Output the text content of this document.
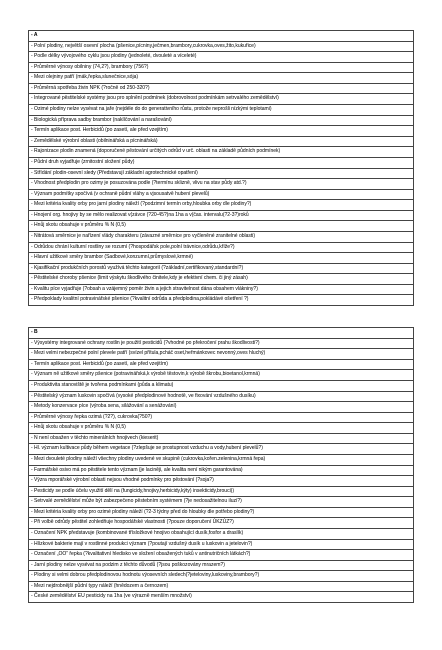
- A
- Polní plodiny, největší osevní plocha (pšenice,pícniny,ječmen,brambory,cukrovka,oves,žito,kukuřice)
- Podle délky vývojového cyklu jsou plodiny (jednoleté, dvouleté a víceleté)
- Průměrné výnosy obilniny (74,2?), brambory (756?)
- Mezi olejniny patří (mák,řepka,slunečnice,sója)
- Průměrná spotřeba živin NPK (?ročně od 250-320?)
- Integrované pěstitelské systémy jsou pro splnění podmínek (dobrovolnost podmínkám setrvalého zemědělství)
- Ozimé plodiny nelze vysévat na jaře (nejdéle do do generativního růstu, protože neprošli nízkými teplotami)
- Biologická příprava sadby brambor (naklíčování a narašování)
- Termín aplikace post. Herbicidů (po zasetí, ale před vzejitím)
- Zemědělské výrobní oblasti (obilninářská a pícninářská)
- Rajonizace plodin znamená (doporučené pěstování určitých odrůd v urč. oblasti na základě půdních podmínek)
- Půdní druh vyjadřuje (zrnitostní složení půdy)
- Střídání plodin-osevní sledy (Představují základní agrotechnické opatření)
- Vhodnost předplodin pro ozimy je posuzována podle (?termínu sklizně, vlivu na stav půdy atd.?)
- Význam podmítky spočívá (v ochraně půdní vláhy a vjsousatvě hubení plevelů)
- Mezi kritéria kvality orby pro jarní plodiny náleží (?podzimní termín orby,hloubka orby dle plodiny?)
- Hnojení org. hnojivy by se mělo realizovat v(závce (?20-45?)na 1ha a v(čas. intervalu(?2-3?)roků
- Hnůj skotu obsahuje v průměru % N (0,5)
- Nitrátová směrnice je nařízení vlády charakteru (závazné směrnice pro vyčleněné zranitelné oblasti)
- Odrůdou chrání kulturní rostliny se rozumí (?hospodářsk pole,polní trávnice,odrůdu,kříže?)
- Hlavní užitkové směry brambor (Sadbové,konzumní,průmyslové,krmné)
- Kjasifikační produkčních porostů využívá těchto kategorií (?základní,certifikovaný,standardní?)
- Pěstitelské choroby pšenice (limit výskytu škodlivého činitele,kdy je efektivní chem. či jiný zásah)
- Kvalitu píce vyjadřuje (?obsah a vzájemný poměr živin a jejich stravitelnost dána obsahem vlákniny?)
- Předpoklady kvalitní potravinářské pšenice (?kvalitní odrůda a předplodina,pokládávé ošetření ?)
- B
- Výsystémy integrované ochrany rostlin je použití pesticidů (?vhodné po překročení prahu škodlivosti?)
- Mezi velmi nebezpečné polní plevele patří (svízel přítula,pcháč oset,heřmánkovec nevonný,oves hluchý)
- Termín aplikace post. Herbicidů (po zasetí, ale před vzejitím)
- Význam ně užitkové směry pšenice (potravinářská,k výrobě těstovin,k výrobě škrobu,bioetanol,krmná)
- Produktivita stanoviště je tvořena podmínkami (půda a klimatu)
- Pěstitelský význam luskovin spočívá (vysoké předplodinové hodnotě, ve fixování vzdušného dusíku)
- Metody konzervace píce (výroba sena, silážování a senážování)
- Průměrné výnosy řepka ozimá (?2?), cukrovka(?50?)
- Hnůj skotu obsahuje v průměru % N (0,5)
- N není obsažen v těchto minerálních hnojivech (kieserit)
- Hl. význam kultivace půdy během vegetace (?zlepšuje se prostupnost vzduchu a vody,hubení plevelů?)
- Mezi dvouleté plodiny náleží všechny plodiny uvedené ve skupině (cukrovka,kořen.zelenina,krmná řepa)
- Farmářské osivo má po pěstitele tento význam (je laciněji, ale kvalita není nikým garantována)
- Výzra mporářské výrobní oblasti nejsou vhodné podmínky pro pěstování (?soja?)
- Pesticidy se podle účelu využití dělí na (fungicidy,hnojivy,herbicidy,kýty) insekticidy,brouci))
- Setrvalé zemědělství může být zabezpečeno pěstebním systémem (?je nedosažitelnou iluzí?)
- Mezi kritéria kvality orby pro ozimé plodiny náleží (?2-3 týdny před do hloubky dle potřebo plodiny?)
- Při volbě odrůdy pěstitel zohledňuje hospodářské vlastnosti (?pouze doporučení ÚKZÚZ?)
- Označení NPK představuje (kombinované třísložkové hnojivo obsahující dusík,fosfor a draslík)
- Hlízkové bakterie mají v rostlinné produkci význam (?poutají vzdušný dusík u luskovin a jetelovin?)
- Označení „OO“ řepka (?kvalitativní hledisko ve složení obsažených tuků v antinutričních látkách?)
- Jarní plodiny nelze vysévat na podzim z těchto důvodů (?jsou poškozovány mrazem?)
- Plodiny si velmi dobrou předplodinovou hodnotu výosevních sledech(?jeteloviny,luskoviny,brambory?)
- Mezi nejdrobnější půdní typy náleží (hnědozem a černozem)
- České zemědělství EU pesticidy na 1ha (ve výrazně menším množství)
